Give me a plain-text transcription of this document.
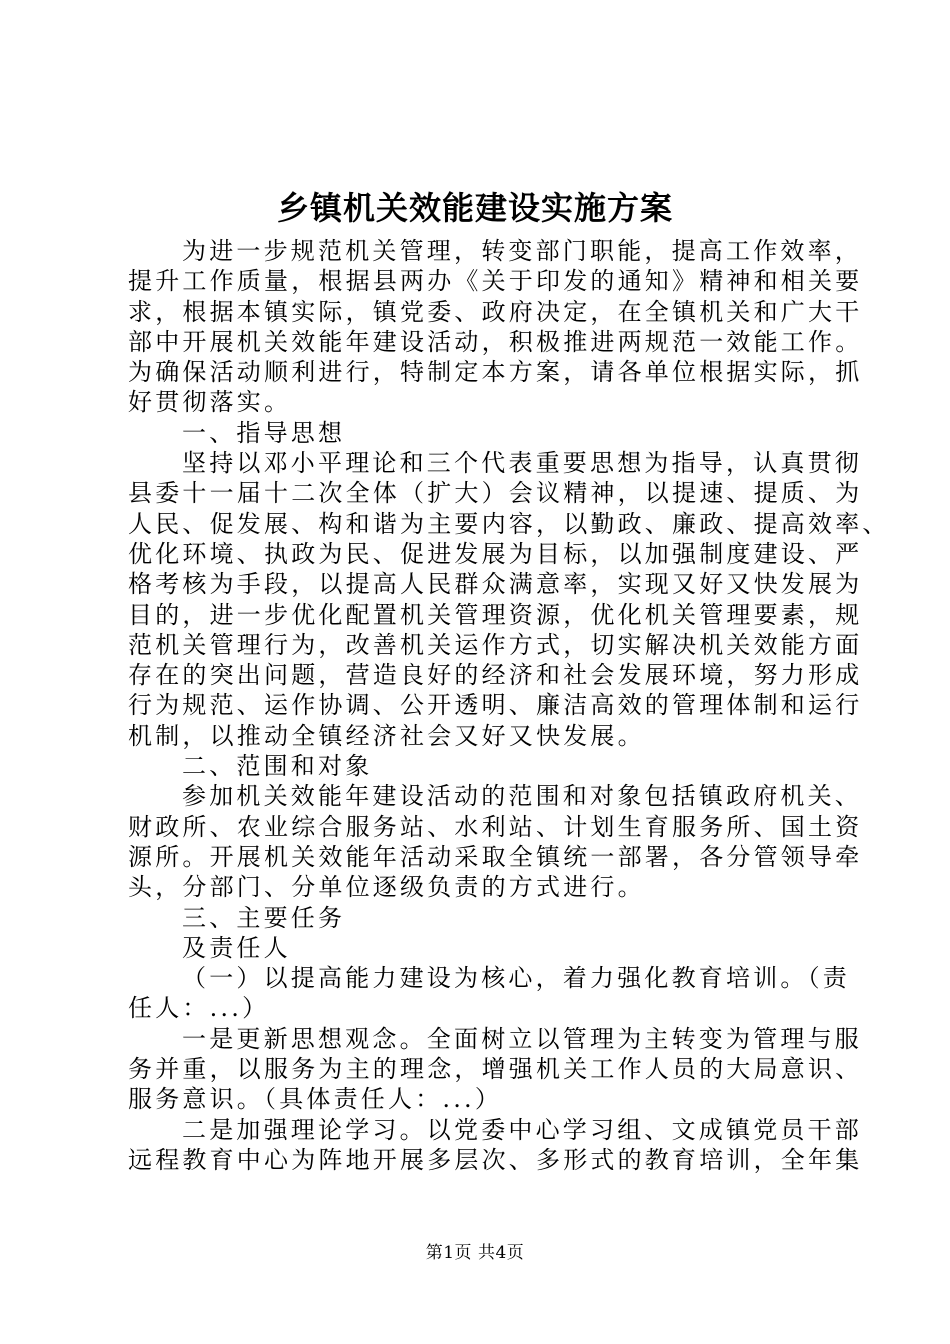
乡镇机关效能建设实施方案
为进一步规范机关管理，转变部门职能，提高工作效率，
提升工作质量，根据县两办《关于印发的通知》精神和相关要
求，根据本镇实际，镇党委、政府决定，在全镇机关和广大干
部中开展机关效能年建设活动，积极推进两规范一效能工作。
为确保活动顺利进行，特制定本方案，请各单位根据实际，抓
好贯彻落实。
一、指导思想
坚持以邓小平理论和三个代表重要思想为指导，认真贯彻
县委十一届十二次全体（扩大）会议精神，以提速、提质、为
人民、促发展、构和谐为主要内容，以勤政、廉政、提高效率、
优化环境、执政为民、促进发展为目标，以加强制度建设、严
格考核为手段，以提高人民群众满意率，实现又好又快发展为
目的，进一步优化配置机关管理资源，优化机关管理要素，规
范机关管理行为，改善机关运作方式，切实解决机关效能方面
存在的突出问题，营造良好的经济和社会发展环境，努力形成
行为规范、运作协调、公开透明、廉洁高效的管理体制和运行
机制，以推动全镇经济社会又好又快发展。
二、范围和对象
参加机关效能年建设活动的范围和对象包括镇政府机关、
财政所、农业综合服务站、水利站、计划生育服务所、国土资
源所。开展机关效能年活动采取全镇统一部署，各分管领导牵
头，分部门、分单位逐级负责的方式进行。
三、主要任务
及责任人
（一）以提高能力建设为核心，着力强化教育培训。（责
任人：...）
一是更新思想观念。全面树立以管理为主转变为管理与服
务并重，以服务为主的理念，增强机关工作人员的大局意识、
服务意识。（具体责任人：...）
二是加强理论学习。以党委中心学习组、文成镇党员干部
远程教育中心为阵地开展多层次、多形式的教育培训，全年集
第1页 共4页
